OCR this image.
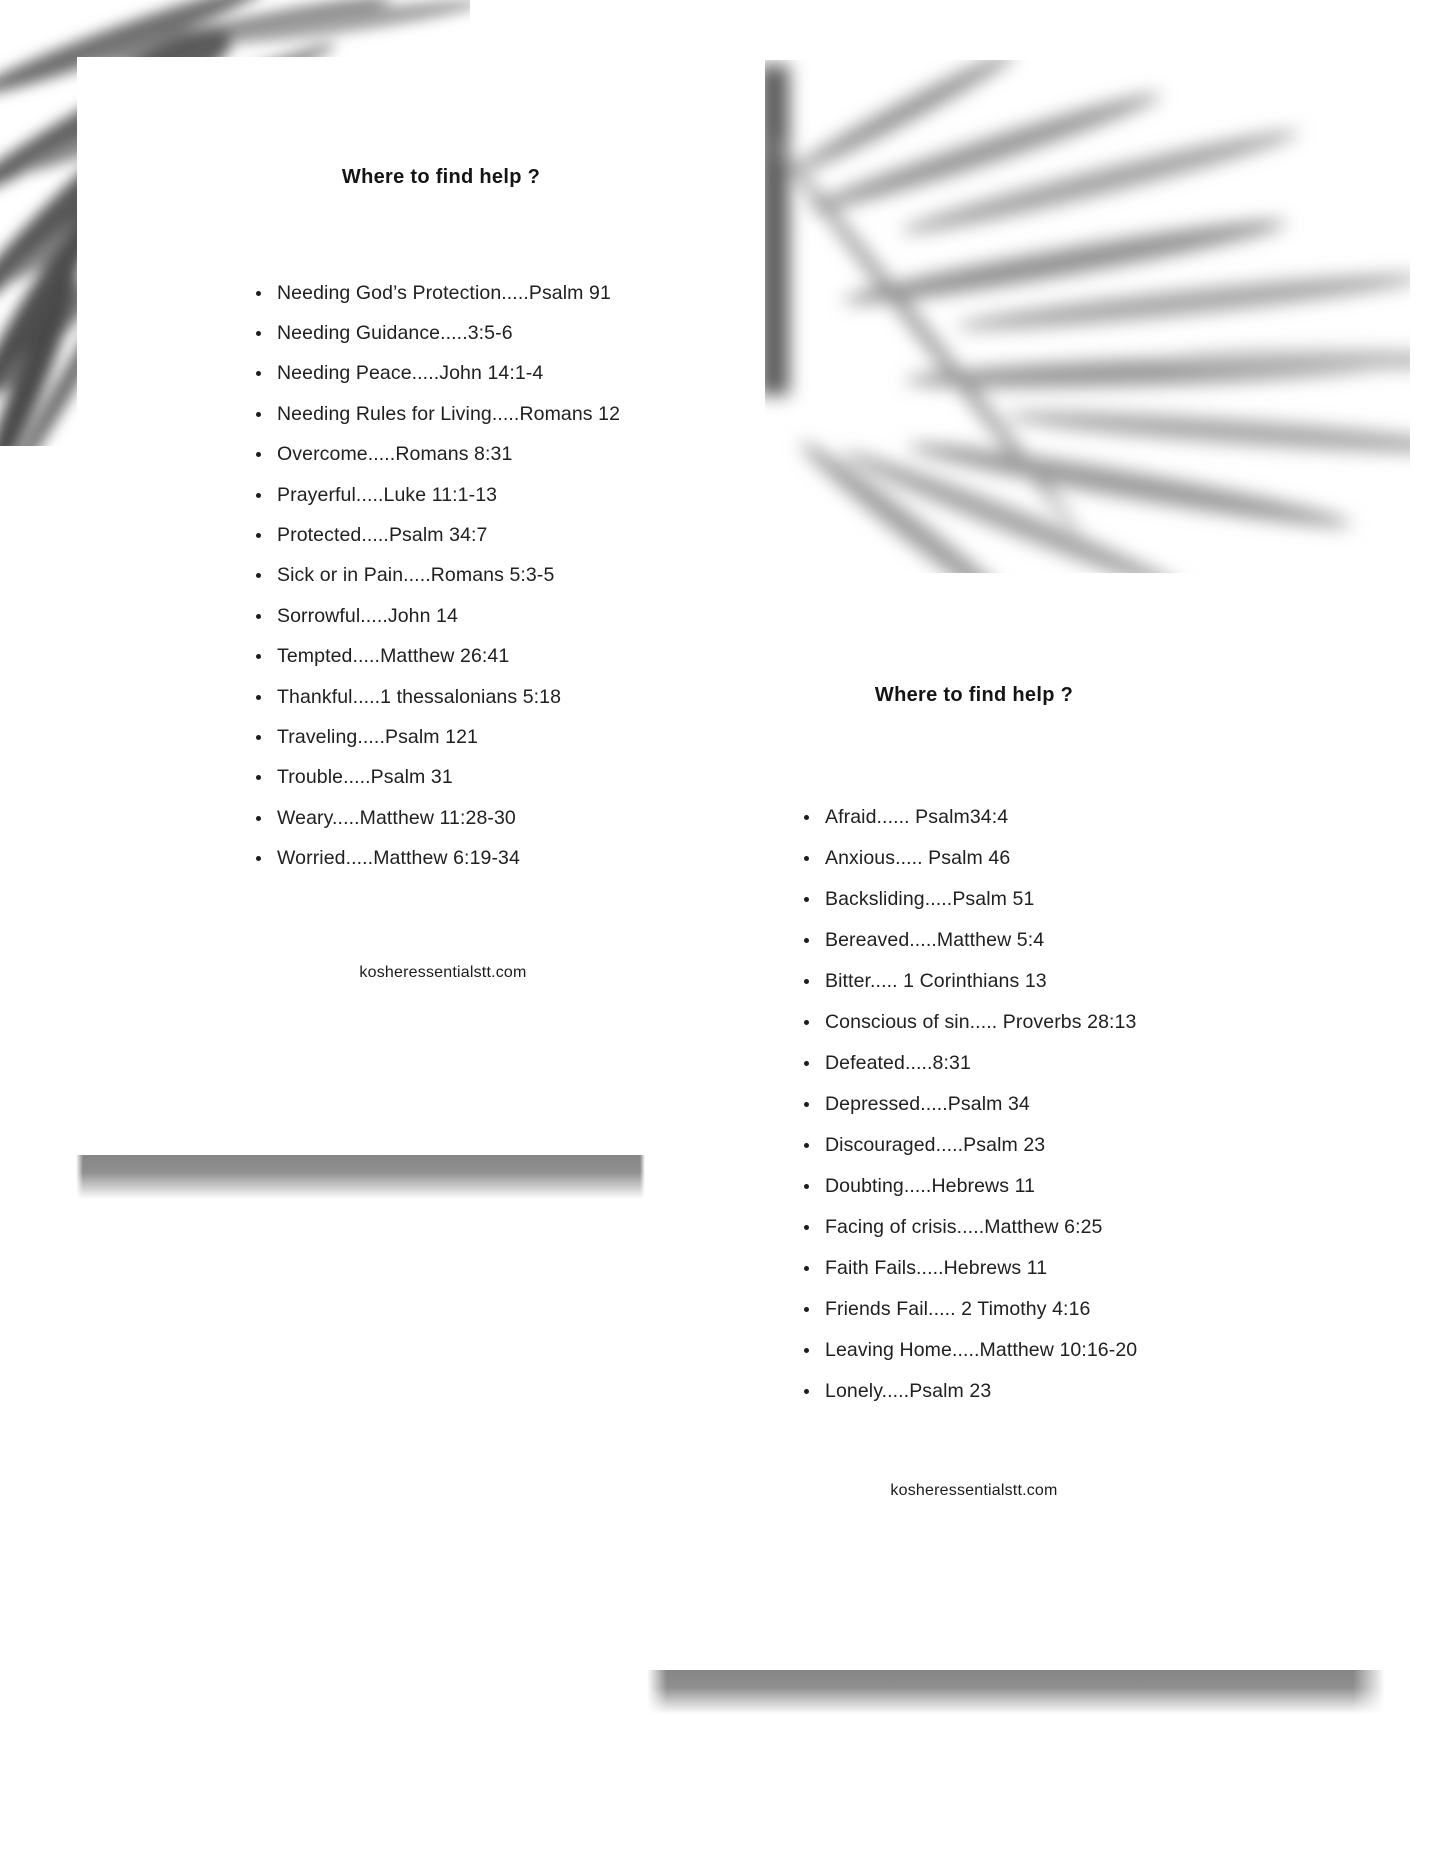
Where to find help ?
Needing God’s Protection.....Psalm 91
Needing Guidance.....3:5-6
Needing Peace.....John 14:1-4
Needing Rules for Living.....Romans 12
Overcome.....Romans 8:31
Prayerful.....Luke 11:1-13
Protected.....Psalm 34:7
Sick or in Pain.....Romans 5:3-5
Sorrowful.....John 14
Tempted.....Matthew 26:41
Thankful.....1 thessalonians 5:18
Traveling.....Psalm 121
Trouble.....Psalm 31
Weary.....Matthew 11:28-30
Worried.....Matthew 6:19-34
kosheressentialstt.com
Where to find help ?
Afraid...... Psalm34:4
Anxious..... Psalm 46
Backsliding.....Psalm 51
Bereaved.....Matthew 5:4
Bitter..... 1 Corinthians 13
Conscious of sin..... Proverbs 28:13
Defeated.....8:31
Depressed.....Psalm 34
Discouraged.....Psalm 23
Doubting.....Hebrews 11
Facing of crisis.....Matthew 6:25
Faith Fails.....Hebrews 11
Friends Fail..... 2 Timothy 4:16
Leaving Home.....Matthew 10:16-20
Lonely.....Psalm 23
kosheressentialstt.com
